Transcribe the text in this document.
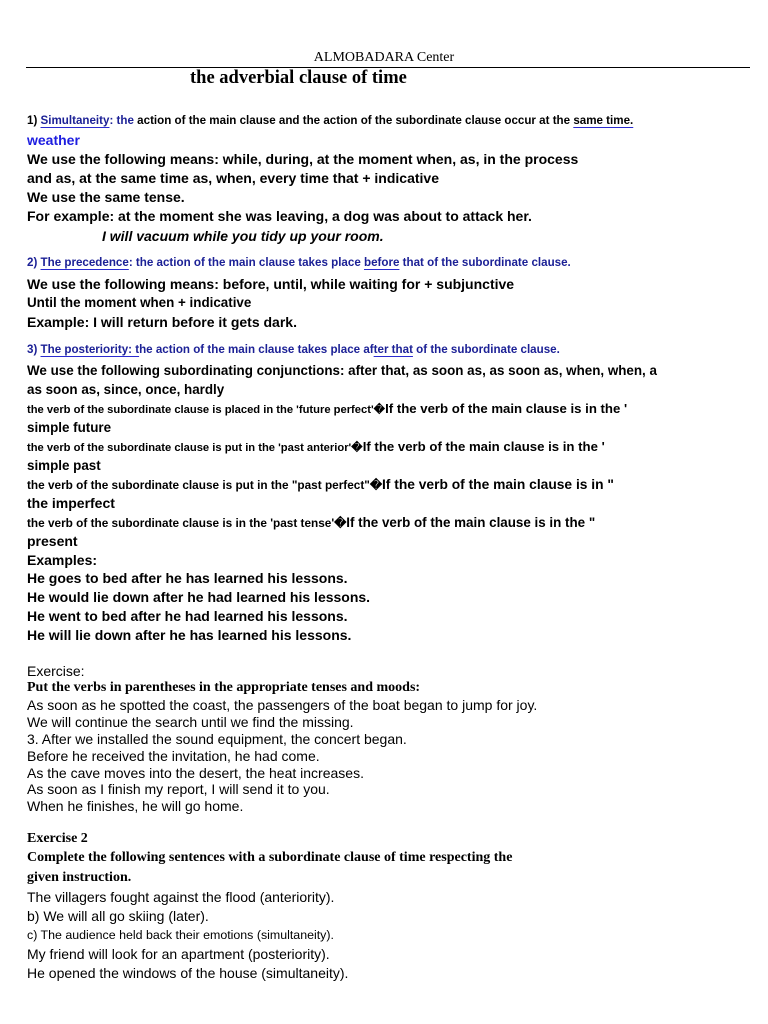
ALMOBADARA Center
the adverbial clause of time
1) Simultaneity: the action of the main clause and the action of the subordinate clause occur at the same time.
weather
We use the following means: while, during, at the moment when, as, in the process
and as, at the same time as, when, every time that + indicative
We use the same tense.
For example: at the moment she was leaving, a dog was about to attack her.
I will vacuum while you tidy up your room.
2) The precedence: the action of the main clause takes place before that of the subordinate clause.
We use the following means: before, until, while waiting for + subjunctive
Until the moment when + indicative
Example: I will return before it gets dark.
3) The posteriority: the action of the main clause takes place after that of the subordinate clause.
We use the following subordinating conjunctions: after that, as soon as, as soon as, when, when, a
as soon as, since, once, hardly
the verb of the subordinate clause is placed in the 'future perfect'�If the verb of the main clause is in the '
simple future
the verb of the subordinate clause is put in the 'past anterior'�If the verb of the main clause is in the '
simple past
the verb of the subordinate clause is put in the "past perfect"�If the verb of the main clause is in "
the imperfect
the verb of the subordinate clause is in the 'past tense'�If the verb of the main clause is in the "
present
Examples:
He goes to bed after he has learned his lessons.
He would lie down after he had learned his lessons.
He went to bed after he had learned his lessons.
He will lie down after he has learned his lessons.
Exercise:
Put the verbs in parentheses in the appropriate tenses and moods:
As soon as he spotted the coast, the passengers of the boat began to jump for joy.
We will continue the search until we find the missing.
3. After we installed the sound equipment, the concert began.
Before he received the invitation, he had come.
As the cave moves into the desert, the heat increases.
As soon as I finish my report, I will send it to you.
When he finishes, he will go home.
Exercise 2
Complete the following sentences with a subordinate clause of time respecting the
given instruction.
The villagers fought against the flood (anteriority).
b) We will all go skiing (later).
c) The audience held back their emotions (simultaneity).
My friend will look for an apartment (posteriority).
He opened the windows of the house (simultaneity).
